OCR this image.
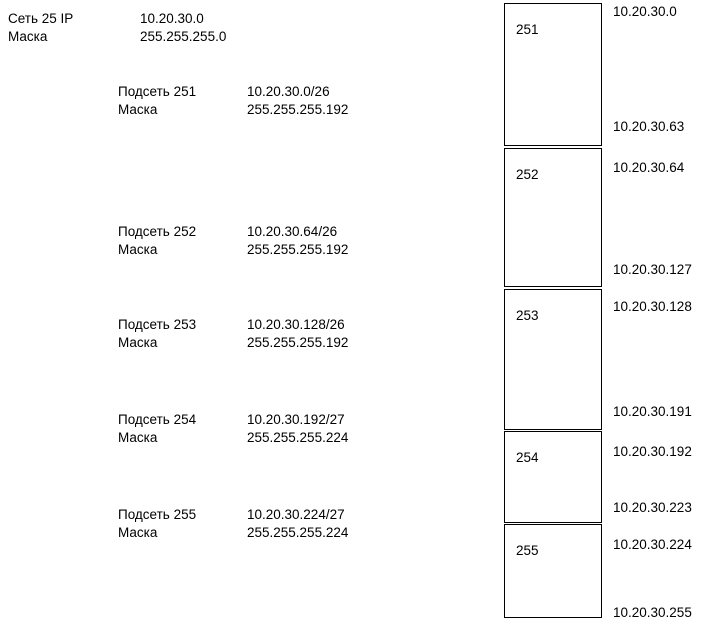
Сеть 25 IP	10.20.30.0
Маска	255.255.255.0
Подсеть 251	10.20.30.0/26
Маска	255.255.255.192
Подсеть 252	10.20.30.64/26
Маска	255.255.255.192
Подсеть 253	10.20.30.128/26
Маска	255.255.255.192
Подсеть 254	10.20.30.192/27
Маска	255.255.255.224
Подсеть 255	10.20.30.224/27
Маска	255.255.255.224
251
252
253
254
255
10.20.30.0
10.20.30.63
10.20.30.64
10.20.30.127
10.20.30.128
10.20.30.191
10.20.30.192
10.20.30.223
10.20.30.224
10.20.30.255
